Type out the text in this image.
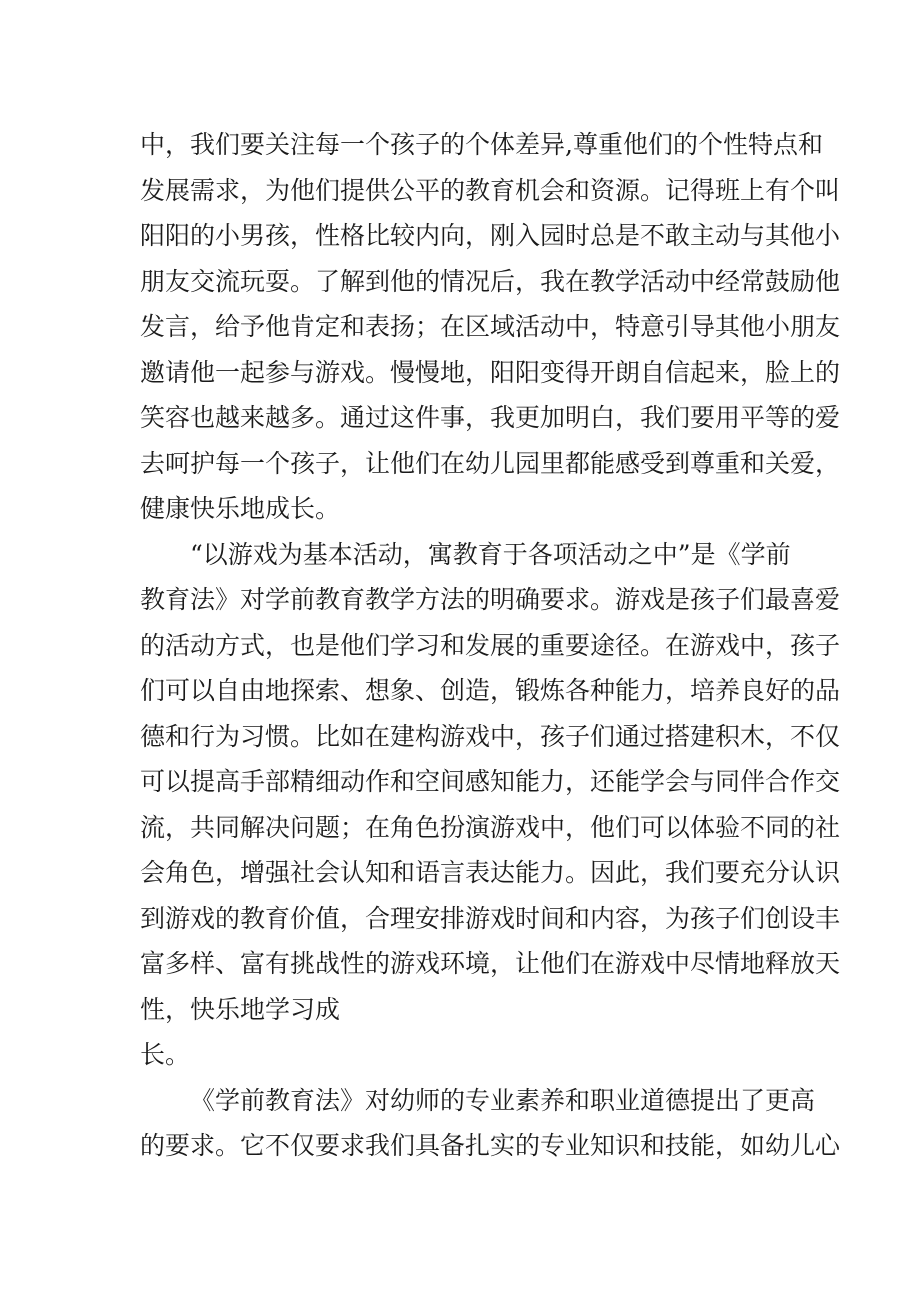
中，我们要关注每一个孩子的个体差异,尊重他们的个性特点和
发展需求，为他们提供公平的教育机会和资源。记得班上有个叫
阳阳的小男孩，性格比较内向，刚入园时总是不敢主动与其他小
朋友交流玩耍。了解到他的情况后，我在教学活动中经常鼓励他
发言，给予他肯定和表扬；在区域活动中，特意引导其他小朋友
邀请他一起参与游戏。慢慢地，阳阳变得开朗自信起来，脸上的
笑容也越来越多。通过这件事，我更加明白，我们要用平等的爱
去呵护每一个孩子，让他们在幼儿园里都能感受到尊重和关爱，
健康快乐地成长。
“以游戏为基本活动，寓教育于各项活动之中”是《学前
教育法》对学前教育教学方法的明确要求。游戏是孩子们最喜爱
的活动方式，也是他们学习和发展的重要途径。在游戏中，孩子
们可以自由地探索、想象、创造，锻炼各种能力，培养良好的品
德和行为习惯。比如在建构游戏中，孩子们通过搭建积木，不仅
可以提高手部精细动作和空间感知能力，还能学会与同伴合作交
流，共同解决问题；在角色扮演游戏中，他们可以体验不同的社
会角色，增强社会认知和语言表达能力。因此，我们要充分认识
到游戏的教育价值，合理安排游戏时间和内容，为孩子们创设丰
富多样、富有挑战性的游戏环境，让他们在游戏中尽情地释放天
性，快乐地学习成
长。
《学前教育法》对幼师的专业素养和职业道德提出了更高
的要求。它不仅要求我们具备扎实的专业知识和技能，如幼儿心
